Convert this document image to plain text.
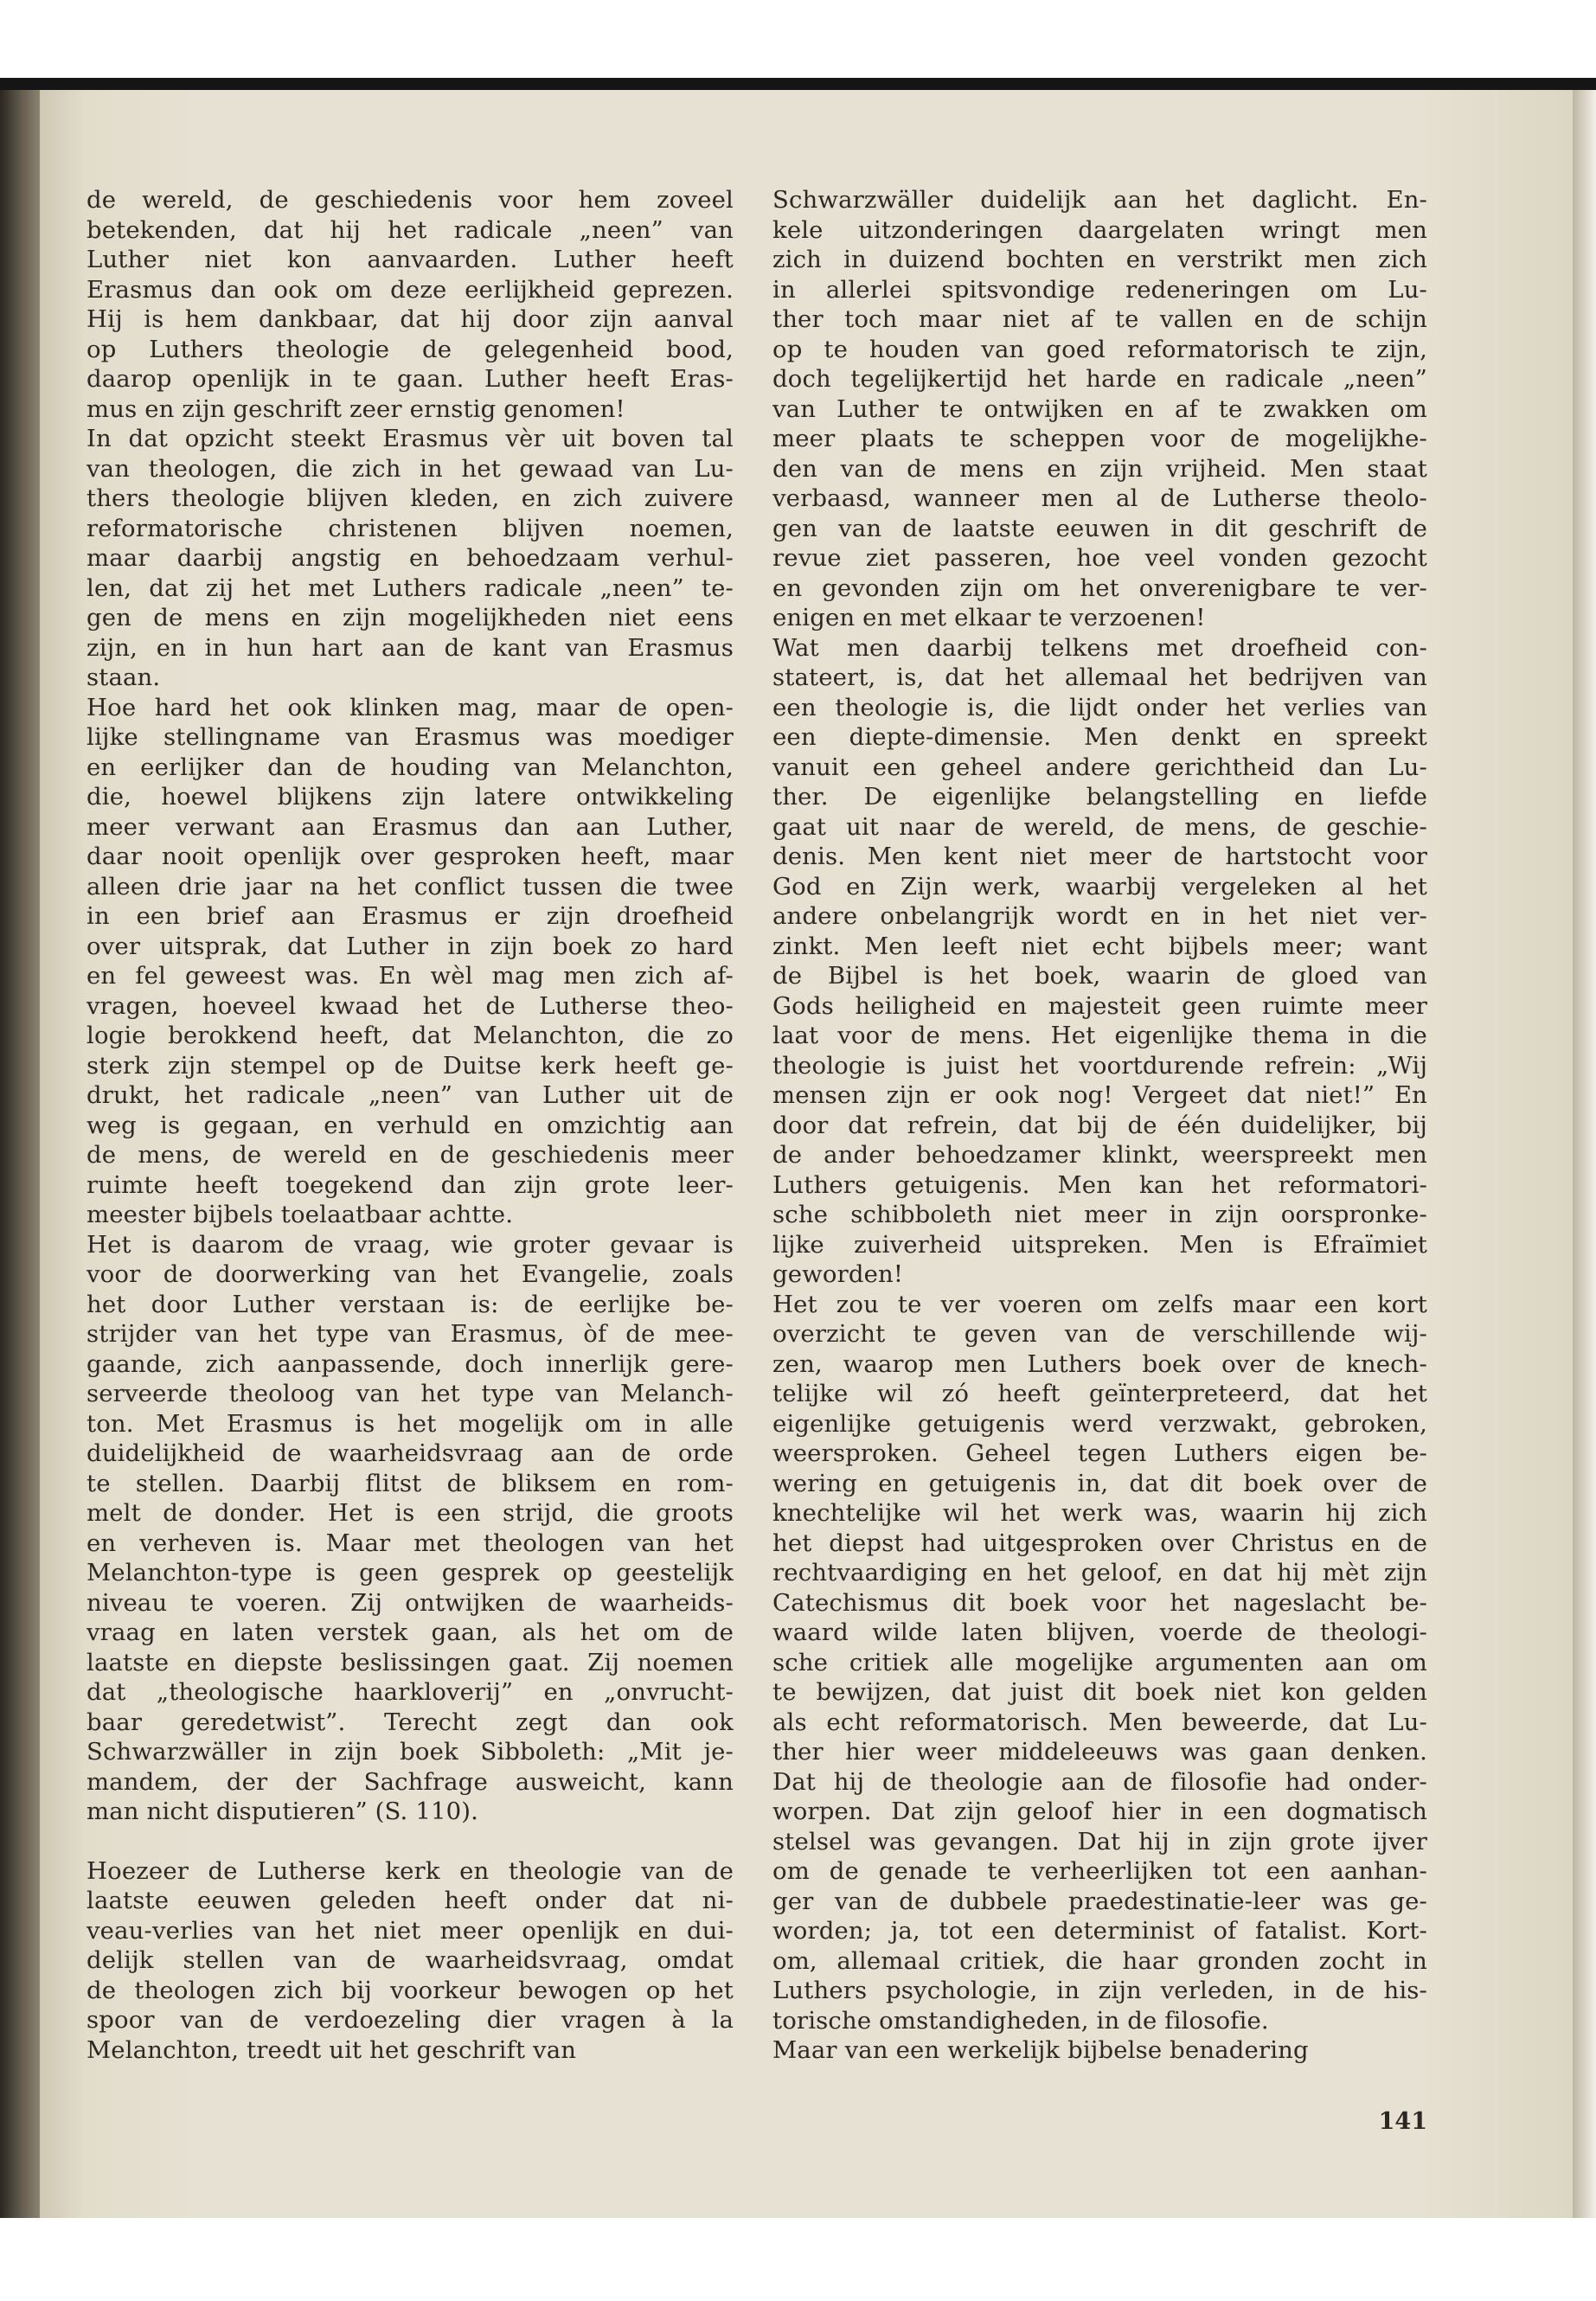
de wereld, de geschiedenis voor hem zoveel
betekenden, dat hij het radicale „neen” van
Luther niet kon aanvaarden. Luther heeft
Erasmus dan ook om deze eerlijkheid geprezen.
Hij is hem dankbaar, dat hij door zijn aanval
op Luthers theologie de gelegenheid bood,
daarop openlijk in te gaan. Luther heeft Eras-
mus en zijn geschrift zeer ernstig genomen!
In dat opzicht steekt Erasmus vèr uit boven tal
van theologen, die zich in het gewaad van Lu-
thers theologie blijven kleden, en zich zuivere
reformatorische christenen blijven noemen,
maar daarbij angstig en behoedzaam verhul-
len, dat zij het met Luthers radicale „neen” te-
gen de mens en zijn mogelijkheden niet eens
zijn, en in hun hart aan de kant van Erasmus
staan.
Hoe hard het ook klinken mag, maar de open-
lijke stellingname van Erasmus was moediger
en eerlijker dan de houding van Melanchton,
die, hoewel blijkens zijn latere ontwikkeling
meer verwant aan Erasmus dan aan Luther,
daar nooit openlijk over gesproken heeft, maar
alleen drie jaar na het conflict tussen die twee
in een brief aan Erasmus er zijn droefheid
over uitsprak, dat Luther in zijn boek zo hard
en fel geweest was. En wèl mag men zich af-
vragen, hoeveel kwaad het de Lutherse theo-
logie berokkend heeft, dat Melanchton, die zo
sterk zijn stempel op de Duitse kerk heeft ge-
drukt, het radicale „neen” van Luther uit de
weg is gegaan, en verhuld en omzichtig aan
de mens, de wereld en de geschiedenis meer
ruimte heeft toegekend dan zijn grote leer-
meester bijbels toelaatbaar achtte.
Het is daarom de vraag, wie groter gevaar is
voor de doorwerking van het Evangelie, zoals
het door Luther verstaan is: de eerlijke be-
strijder van het type van Erasmus, òf de mee-
gaande, zich aanpassende, doch innerlijk gere-
serveerde theoloog van het type van Melanch-
ton. Met Erasmus is het mogelijk om in alle
duidelijkheid de waarheidsvraag aan de orde
te stellen. Daarbij flitst de bliksem en rom-
melt de donder. Het is een strijd, die groots
en verheven is. Maar met theologen van het
Melanchton-type is geen gesprek op geestelijk
niveau te voeren. Zij ontwijken de waarheids-
vraag en laten verstek gaan, als het om de
laatste en diepste beslissingen gaat. Zij noemen
dat „theologische haarkloverij” en „onvrucht-
baar geredetwist”. Terecht zegt dan ook
Schwarzwäller in zijn boek Sibboleth: „Mit je-
mandem, der der Sachfrage ausweicht, kann
man nicht disputieren” (S. 110).
Hoezeer de Lutherse kerk en theologie van de
laatste eeuwen geleden heeft onder dat ni-
veau-verlies van het niet meer openlijk en dui-
delijk stellen van de waarheidsvraag, omdat
de theologen zich bij voorkeur bewogen op het
spoor van de verdoezeling dier vragen à la
Melanchton, treedt uit het geschrift van
Schwarzwäller duidelijk aan het daglicht. En-
kele uitzonderingen daargelaten wringt men
zich in duizend bochten en verstrikt men zich
in allerlei spitsvondige redeneringen om Lu-
ther toch maar niet af te vallen en de schijn
op te houden van goed reformatorisch te zijn,
doch tegelijkertijd het harde en radicale „neen”
van Luther te ontwijken en af te zwakken om
meer plaats te scheppen voor de mogelijkhe-
den van de mens en zijn vrijheid. Men staat
verbaasd, wanneer men al de Lutherse theolo-
gen van de laatste eeuwen in dit geschrift de
revue ziet passeren, hoe veel vonden gezocht
en gevonden zijn om het onverenigbare te ver-
enigen en met elkaar te verzoenen!
Wat men daarbij telkens met droefheid con-
stateert, is, dat het allemaal het bedrijven van
een theologie is, die lijdt onder het verlies van
een diepte-dimensie. Men denkt en spreekt
vanuit een geheel andere gerichtheid dan Lu-
ther. De eigenlijke belangstelling en liefde
gaat uit naar de wereld, de mens, de geschie-
denis. Men kent niet meer de hartstocht voor
God en Zijn werk, waarbij vergeleken al het
andere onbelangrijk wordt en in het niet ver-
zinkt. Men leeft niet echt bijbels meer; want
de Bijbel is het boek, waarin de gloed van
Gods heiligheid en majesteit geen ruimte meer
laat voor de mens. Het eigenlijke thema in die
theologie is juist het voortdurende refrein: „Wij
mensen zijn er ook nog! Vergeet dat niet!” En
door dat refrein, dat bij de één duidelijker, bij
de ander behoedzamer klinkt, weerspreekt men
Luthers getuigenis. Men kan het reformatori-
sche schibboleth niet meer in zijn oorspronke-
lijke zuiverheid uitspreken. Men is Efraïmiet
geworden!
Het zou te ver voeren om zelfs maar een kort
overzicht te geven van de verschillende wij-
zen, waarop men Luthers boek over de knech-
telijke wil zó heeft geïnterpreteerd, dat het
eigenlijke getuigenis werd verzwakt, gebroken,
weersproken. Geheel tegen Luthers eigen be-
wering en getuigenis in, dat dit boek over de
knechtelijke wil het werk was, waarin hij zich
het diepst had uitgesproken over Christus en de
rechtvaardiging en het geloof, en dat hij mèt zijn
Catechismus dit boek voor het nageslacht be-
waard wilde laten blijven, voerde de theologi-
sche critiek alle mogelijke argumenten aan om
te bewijzen, dat juist dit boek niet kon gelden
als echt reformatorisch. Men beweerde, dat Lu-
ther hier weer middeleeuws was gaan denken.
Dat hij de theologie aan de filosofie had onder-
worpen. Dat zijn geloof hier in een dogmatisch
stelsel was gevangen. Dat hij in zijn grote ijver
om de genade te verheerlijken tot een aanhan-
ger van de dubbele praedestinatie-leer was ge-
worden; ja, tot een determinist of fatalist. Kort-
om, allemaal critiek, die haar gronden zocht in
Luthers psychologie, in zijn verleden, in de his-
torische omstandigheden, in de filosofie.
Maar van een werkelijk bijbelse benadering
141
